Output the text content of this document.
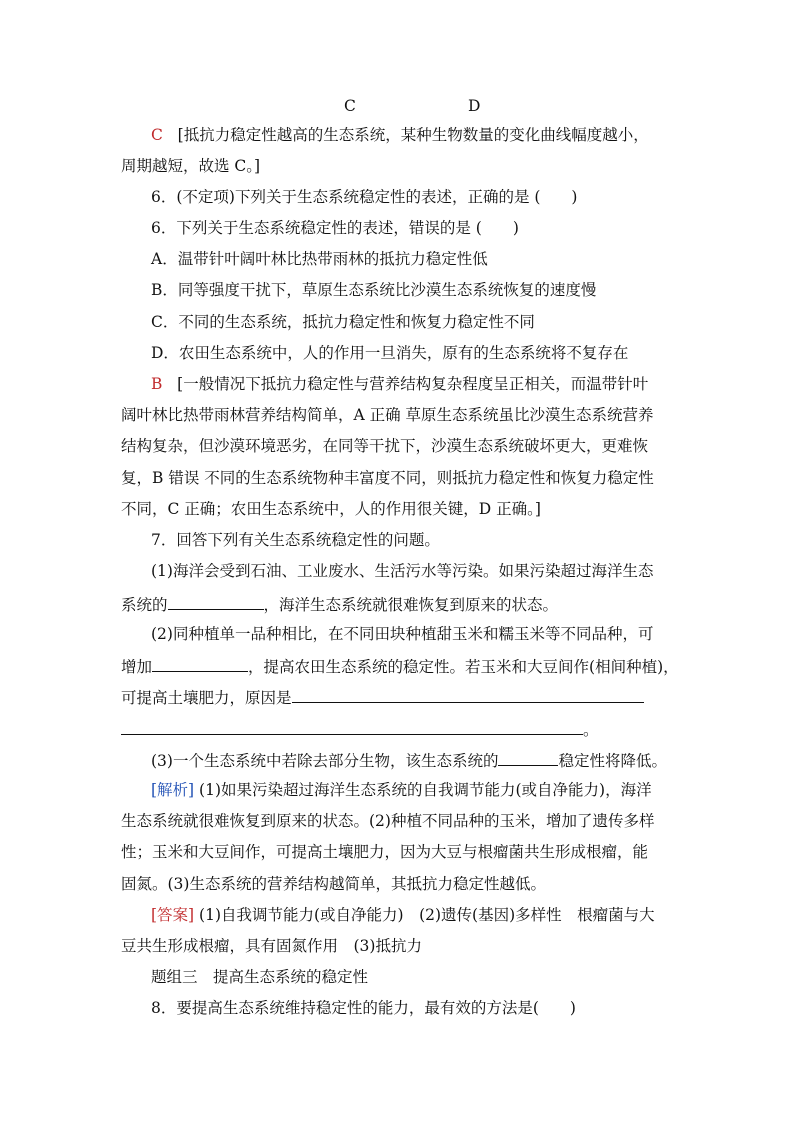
C	D
C [抵抗力稳定性越高的生态系统，某种生物数量的变化曲线幅度越小，
周期越短，故选 C。]
6．(不定项)下列关于生态系统稳定性的表述，正确的是 (　　)
6．下列关于生态系统稳定性的表述，错误的是 (　　)
A．温带针叶阔叶林比热带雨林的抵抗力稳定性低
B．同等强度干扰下，草原生态系统比沙漠生态系统恢复的速度慢
C．不同的生态系统，抵抗力稳定性和恢复力稳定性不同
D．农田生态系统中，人的作用一旦消失，原有的生态系统将不复存在
B [一般情况下抵抗力稳定性与营养结构复杂程度呈正相关，而温带针叶
阔叶林比热带雨林营养结构简单，A 正确 草原生态系统虽比沙漠生态系统营养
结构复杂，但沙漠环境恶劣，在同等干扰下，沙漠生态系统破坏更大，更难恢
复，B 错误 不同的生态系统物种丰富度不同，则抵抗力稳定性和恢复力稳定性
不同，C 正确；农田生态系统中，人的作用很关键，D 正确。]
7．回答下列有关生态系统稳定性的问题。
(1)海洋会受到石油、工业废水、生活污水等污染。如果污染超过海洋生态
系统的	，海洋生态系统就很难恢复到原来的状态。
(2)同种植单一品种相比，在不同田块种植甜玉米和糯玉米等不同品种，可
增加	，提高农田生态系统的稳定性。若玉米和大豆间作(相间种植)，
可提高土壤肥力，原因是
。
(3)一个生态系统中若除去部分生物，该生态系统的	稳定性将降低。
[解析] (1)如果污染超过海洋生态系统的自我调节能力(或自净能力)，海洋
生态系统就很难恢复到原来的状态。(2)种植不同品种的玉米，增加了遗传多样
性；玉米和大豆间作，可提高土壤肥力，因为大豆与根瘤菌共生形成根瘤，能
固氮。(3)生态系统的营养结构越简单，其抵抗力稳定性越低。
[答案] (1)自我调节能力(或自净能力)　(2)遗传(基因)多样性　根瘤菌与大
豆共生形成根瘤，具有固氮作用　(3)抵抗力
题组三　提高生态系统的稳定性
8．要提高生态系统维持稳定性的能力，最有效的方法是(　　)
